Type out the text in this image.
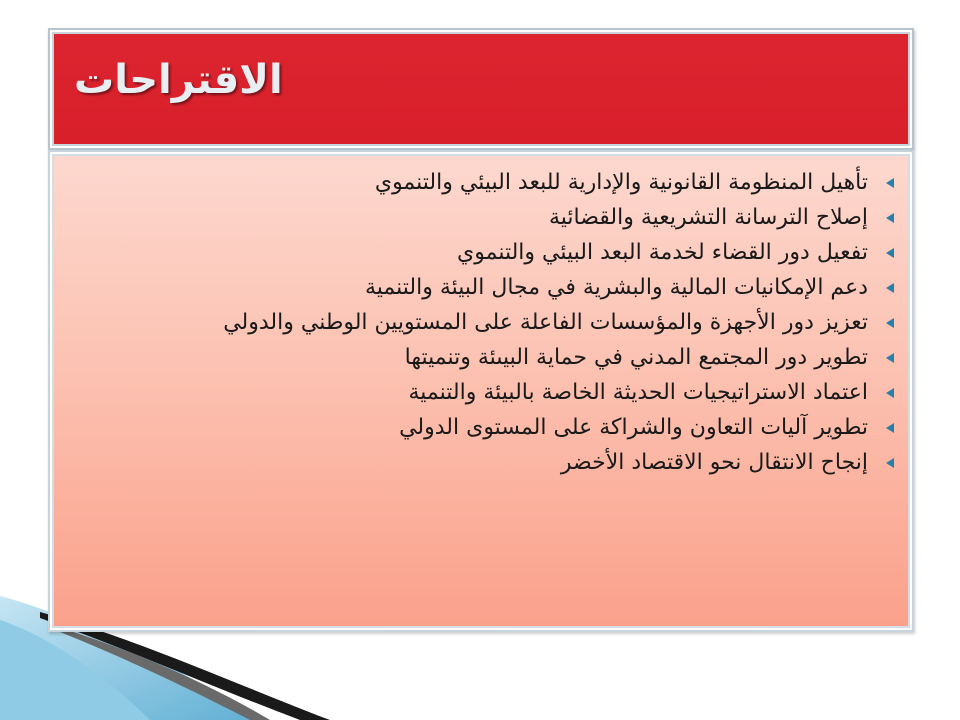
الاقتراحات
تأهيل المنظومة القانونية والإدارية للبعد البيئي والتنموي
إصلاح الترسانة التشريعية والقضائية
تفعيل دور القضاء لخدمة البعد البيئي والتنموي
دعم الإمكانيات المالية والبشرية في مجال البيئة والتنمية
تعزيز دور الأجهزة والمؤسسات الفاعلة على المستويين الوطني والدولي
تطوير دور المجتمع المدني في حماية البيىئة وتنميتها
اعتماد الاستراتيجيات الحديثة الخاصة بالبيئة والتنمية
تطوير آليات التعاون والشراكة على المستوى الدولي
إنجاح الانتقال نحو الاقتصاد الأخضر
